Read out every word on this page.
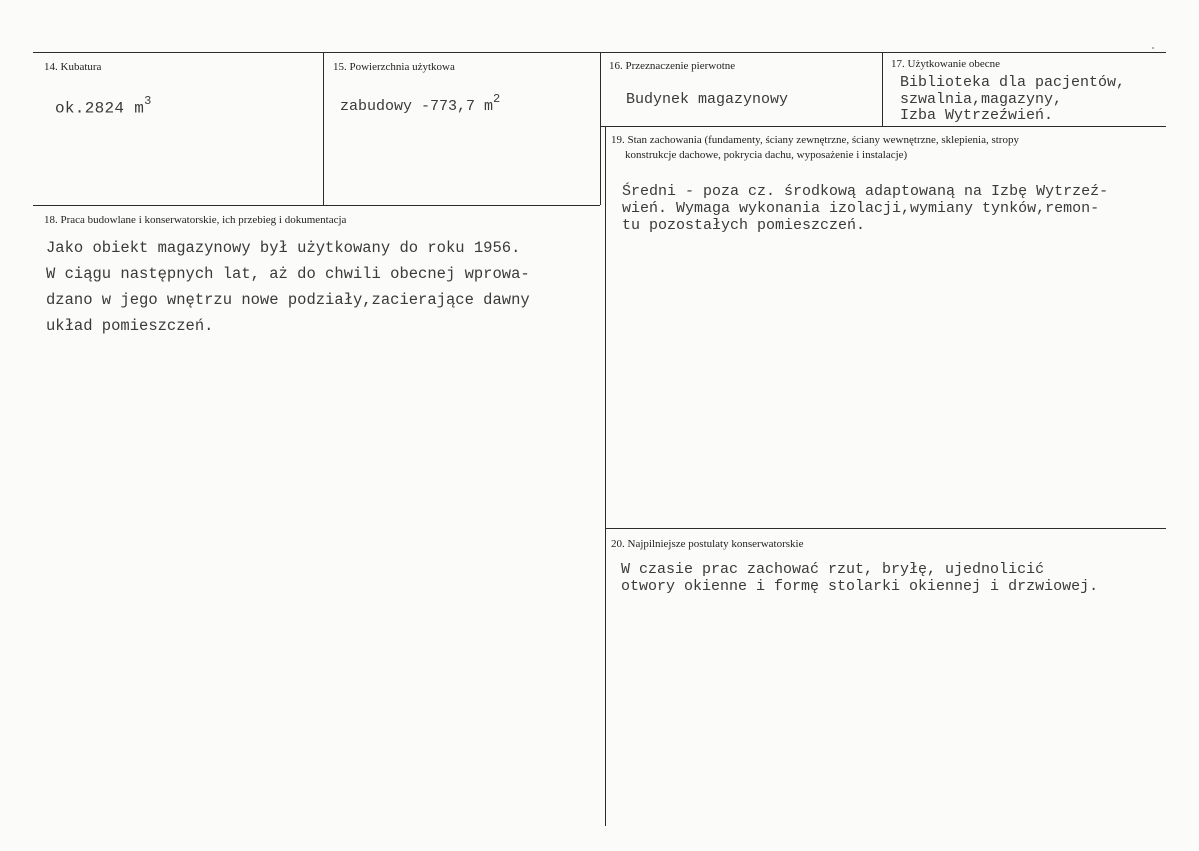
14. Kubatura
ok.2824 $m^3$
15. Powierzchnia użytkowa
zabudowy -773,7 $m^2$
16. Przeznaczenie pierwotne
Budynek magazynowy
17. Użytkowanie obecne
Biblioteka dla pacjentów,
szwalnia,magazyny,
Izba Wytrzeźwień.
18. Praca budowlane i konserwatorskie, ich przebieg i dokumentacja
Jako obiekt magazynowy był użytkowany do roku 1956.
W ciągu następnych lat, aż do chwili obecnej wprowa-
dzano w jego wnętrzu nowe podziały,zacierające dawny
układ pomieszczeń.
19. Stan zachowania (fundamenty, ściany zewnętrzne, ściany wewnętrzne, sklepienia, stropy
konstrukcje dachowe, pokrycia dachu, wyposażenie i instalacje)
Średni - poza cz. środkową adaptowaną na Izbę Wytrzeź-
wień. Wymaga wykonania izolacji,wymiany tynków,remon-
tu pozostałych pomieszczeń.
20. Najpilniejsze postulaty konserwatorskie
W czasie prac zachować rzut, bryłę, ujednolicić
otwory okienne i formę stolarki okiennej i drzwiowej.
